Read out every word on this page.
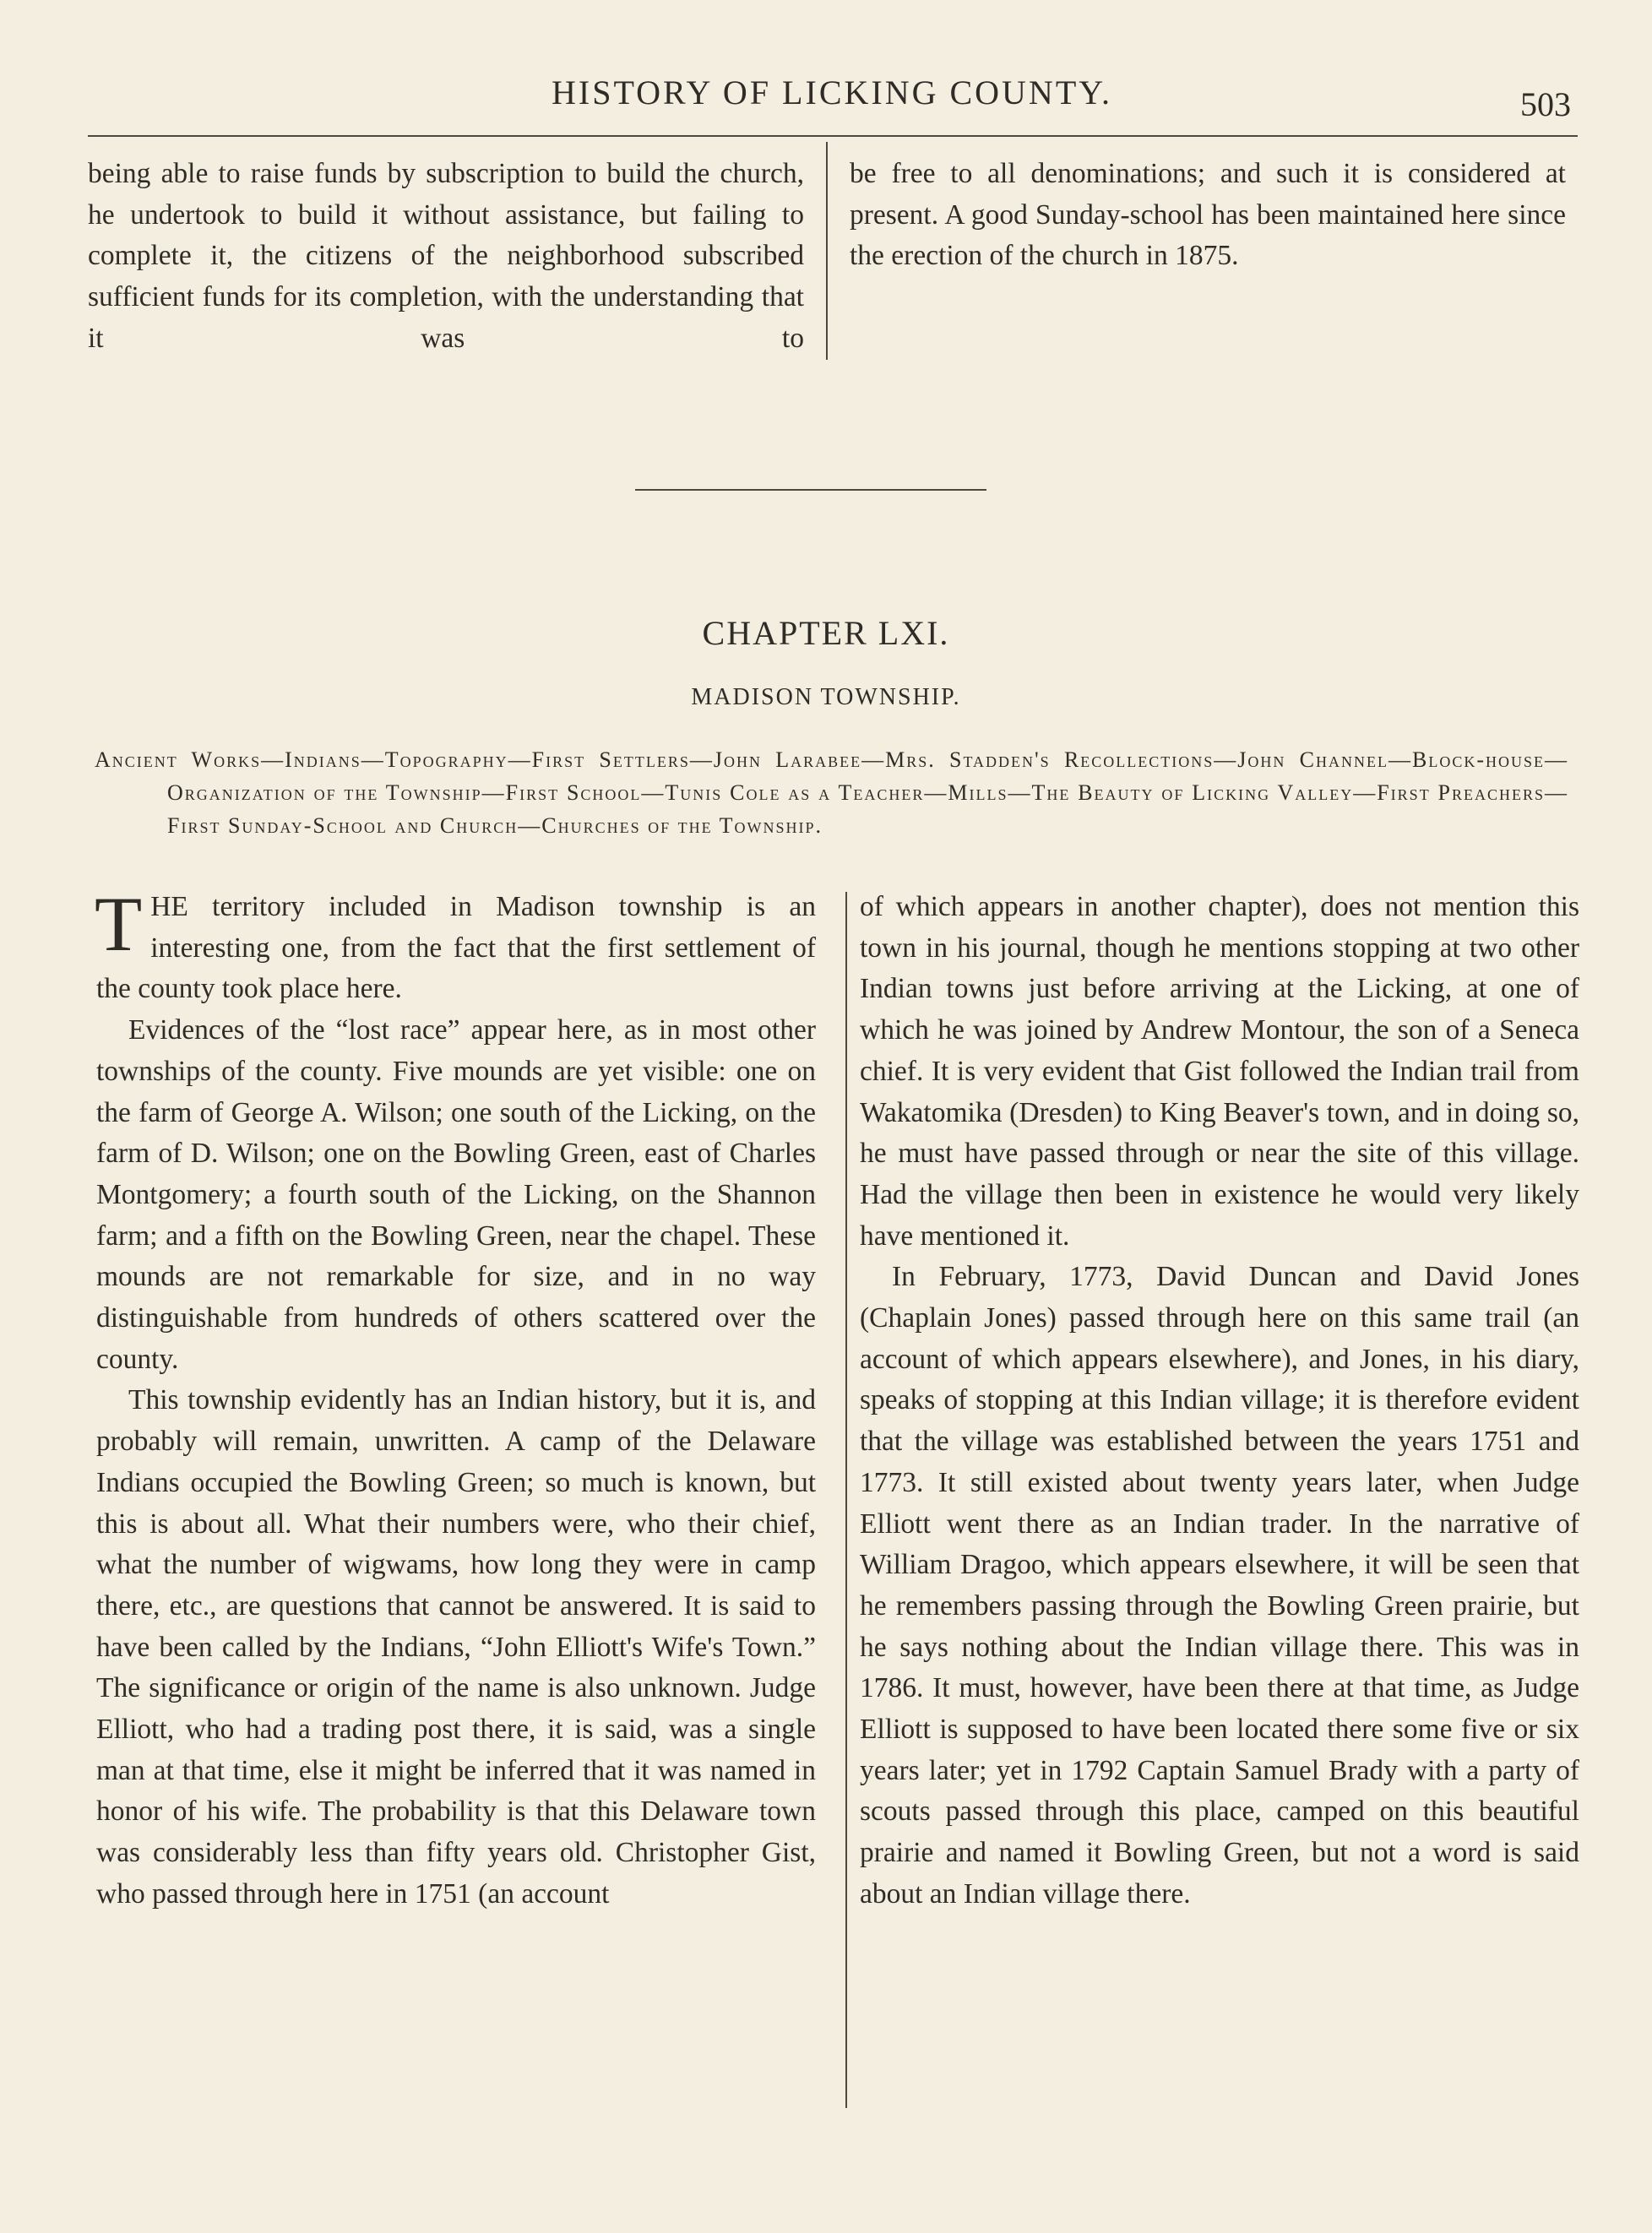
HISTORY OF LICKING COUNTY.	503

being able to raise funds by subscription to build the church, he undertook to build it without assistance, but failing to complete it, the citizens of the neighborhood subscribed sufficient funds for its completion, with the understanding that it was to

be free to all denominations; and such it is considered at present. A good Sunday-school has been maintained here since the erection of the church in 1875.

CHAPTER LXI.
MADISON TOWNSHIP.
Ancient Works—Indians—Topography—First Settlers—John Larabee—Mrs. Stadden's Recollections—John Channel—Block-house—Organization of the Township—First School—Tunis Cole as a Teacher—Mills—The Beauty of Licking Valley—First Preachers—First Sunday-School and Church—Churches of the Township.

THE territory included in Madison township is an interesting one, from the fact that the first settlement of the county took place here.

Evidences of the “lost race” appear here, as in most other townships of the county. Five mounds are yet visible: one on the farm of George A. Wilson; one south of the Licking, on the farm of D. Wilson; one on the Bowling Green, east of Charles Montgomery; a fourth south of the Licking, on the Shannon farm; and a fifth on the Bowling Green, near the chapel. These mounds are not remarkable for size, and in no way distinguishable from hundreds of others scattered over the county.

This township evidently has an Indian history, but it is, and probably will remain, unwritten. A camp of the Delaware Indians occupied the Bowling Green; so much is known, but this is about all. What their numbers were, who their chief, what the number of wigwams, how long they were in camp there, etc., are questions that cannot be answered. It is said to have been called by the Indians, “John Elliott's Wife's Town.” The significance or origin of the name is also unknown. Judge Elliott, who had a trading post there, it is said, was a single man at that time, else it might be inferred that it was named in honor of his wife. The probability is that this Delaware town was considerably less than fifty years old. Christopher Gist, who passed through here in 1751 (an account

of which appears in another chapter), does not mention this town in his journal, though he mentions stopping at two other Indian towns just before arriving at the Licking, at one of which he was joined by Andrew Montour, the son of a Seneca chief. It is very evident that Gist followed the Indian trail from Wakatomika (Dresden) to King Beaver's town, and in doing so, he must have passed through or near the site of this village. Had the village then been in existence he would very likely have mentioned it.

In February, 1773, David Duncan and David Jones (Chaplain Jones) passed through here on this same trail (an account of which appears elsewhere), and Jones, in his diary, speaks of stopping at this Indian village; it is therefore evident that the village was established between the years 1751 and 1773. It still existed about twenty years later, when Judge Elliott went there as an Indian trader. In the narrative of William Dragoo, which appears elsewhere, it will be seen that he remembers passing through the Bowling Green prairie, but he says nothing about the Indian village there. This was in 1786. It must, however, have been there at that time, as Judge Elliott is supposed to have been located there some five or six years later; yet in 1792 Captain Samuel Brady with a party of scouts passed through this place, camped on this beautiful prairie and named it Bowling Green, but not a word is said about an Indian village there.
